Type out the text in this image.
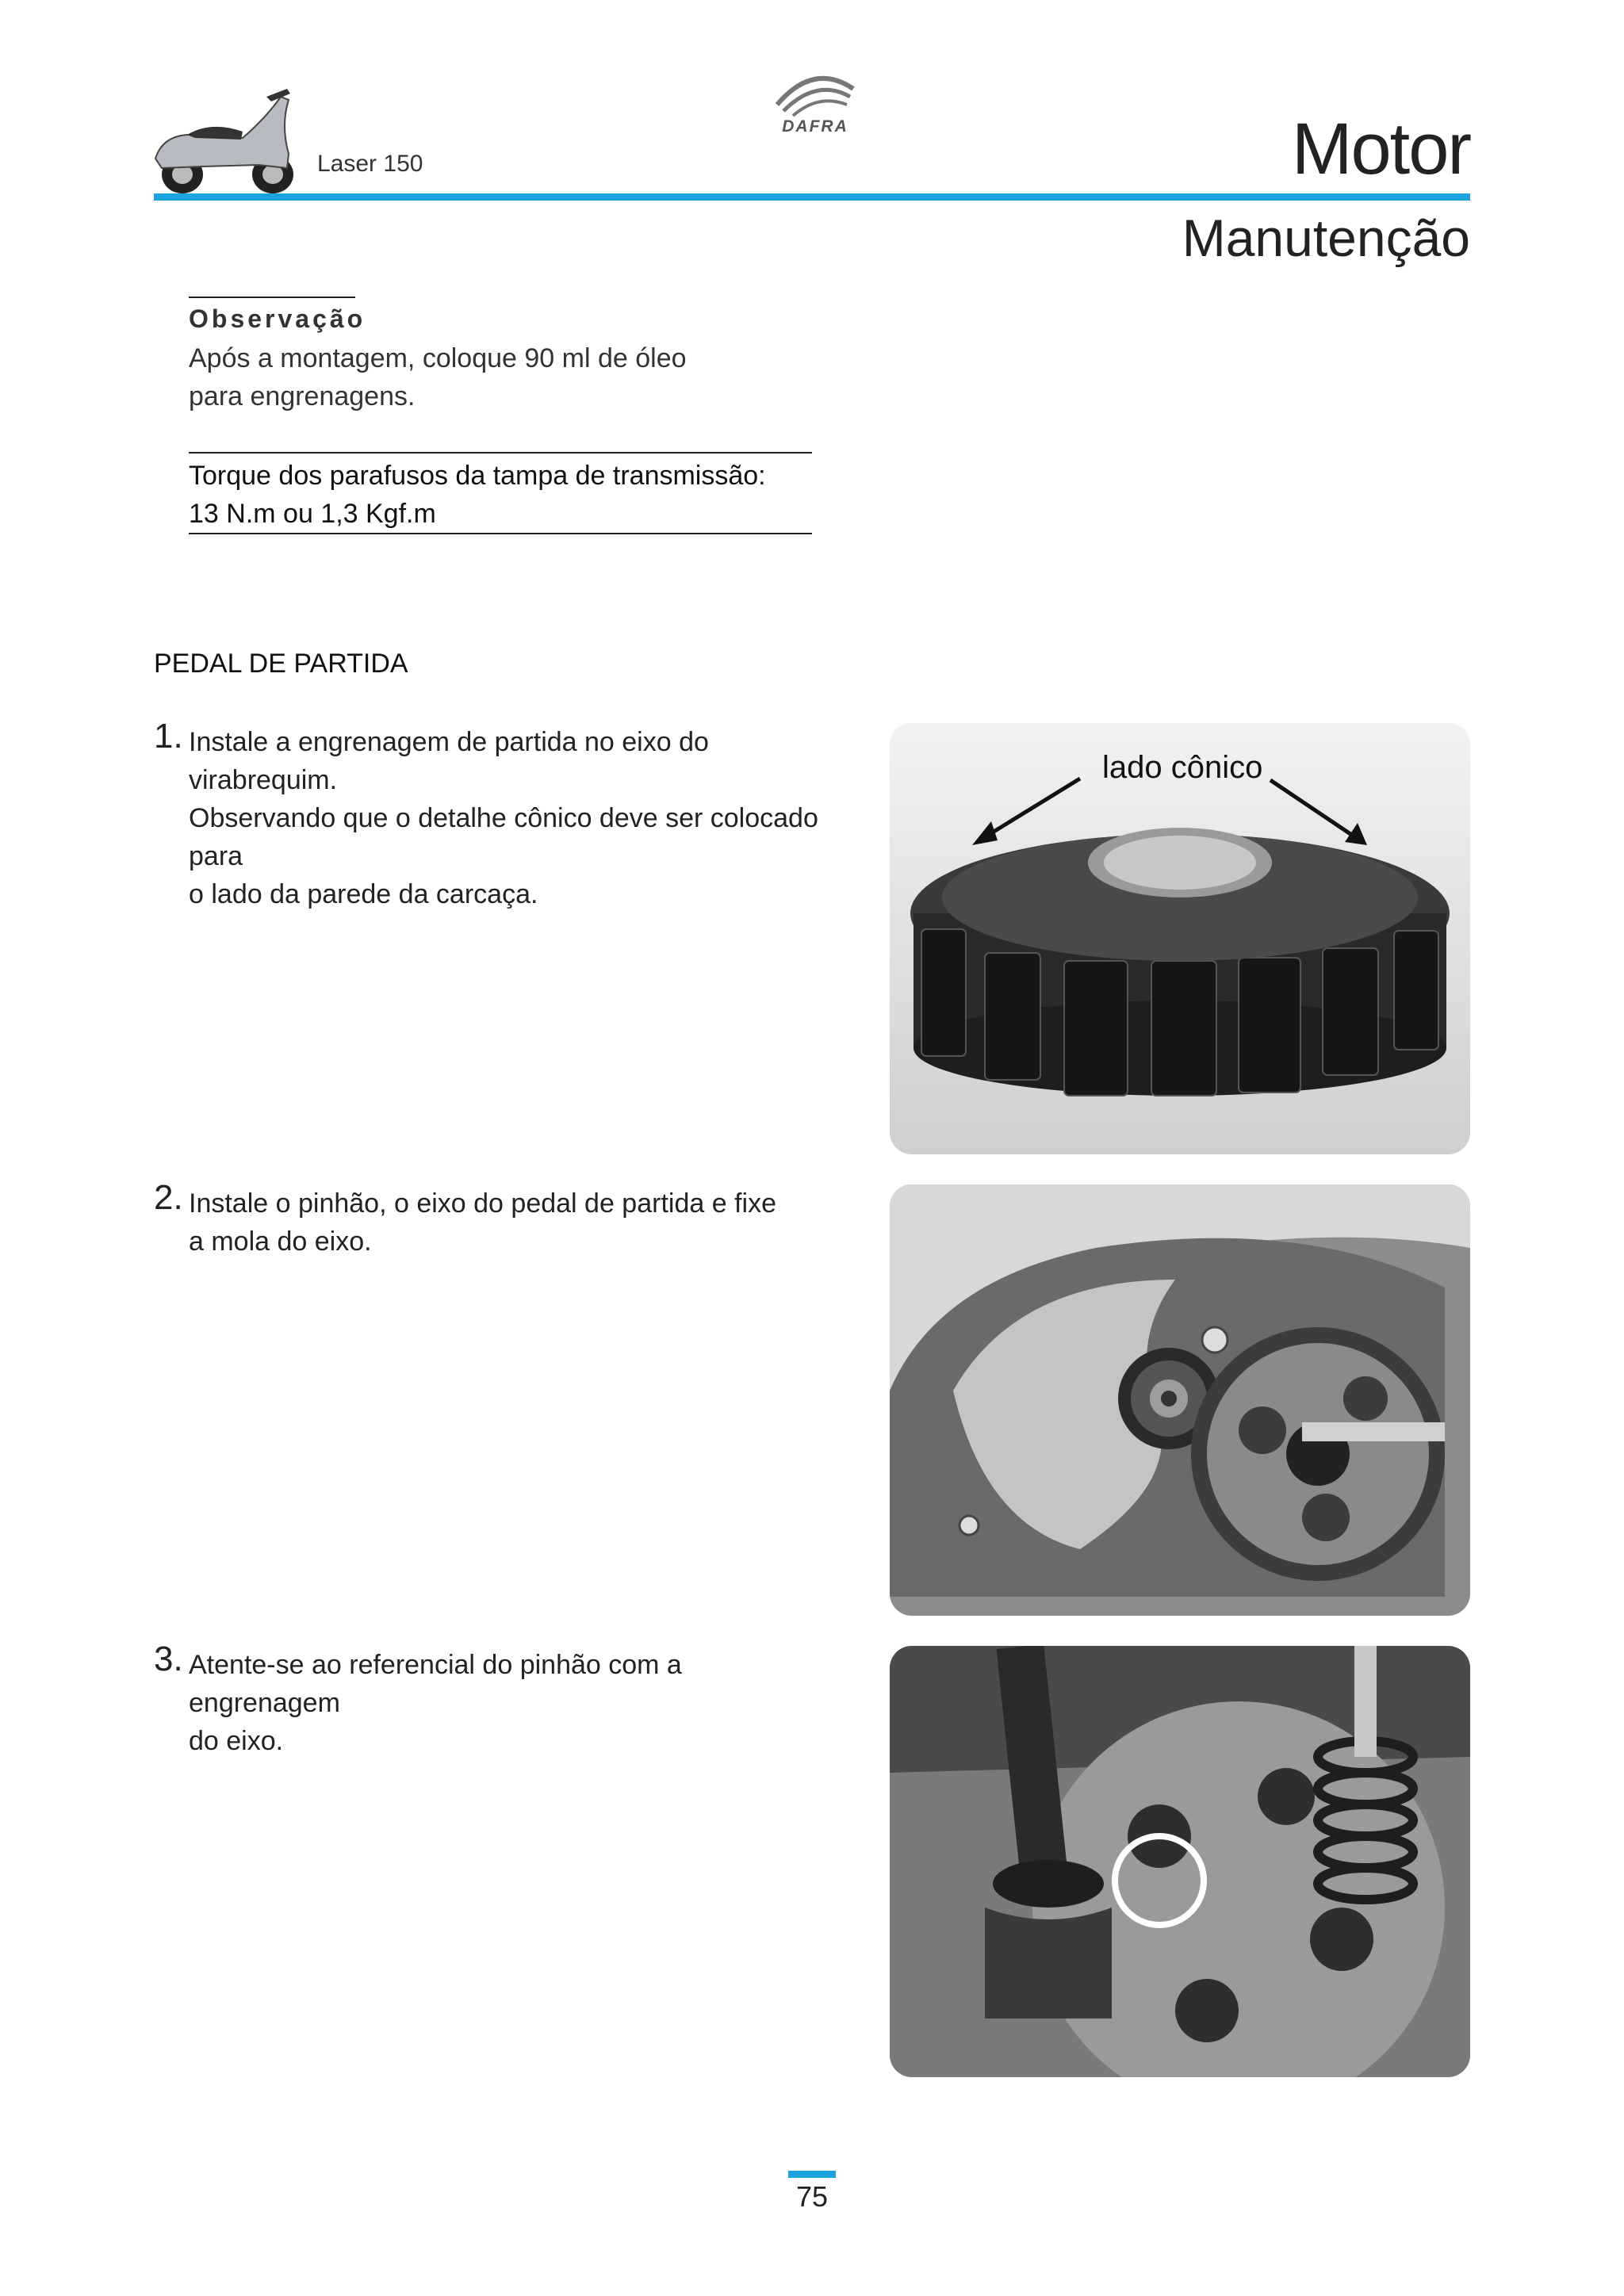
Laser 150
DAFRA	Motor
Manutenção
Observação
Após a montagem, coloque 90 ml de óleo
para engrenagens.
Torque dos parafusos da tampa de transmissão:
13 N.m ou 1,3 Kgf.m
PEDAL DE PARTIDA
1. Instale a engrenagem de partida no eixo do virabrequim.
Observando que o detalhe cônico deve ser colocado para
o lado da parede da carcaça.
lado cônico
2. Instale o pinhão, o eixo do pedal de partida e fixe
a mola do eixo.
3. Atente-se ao referencial do pinhão com a engrenagem
do eixo.
75
